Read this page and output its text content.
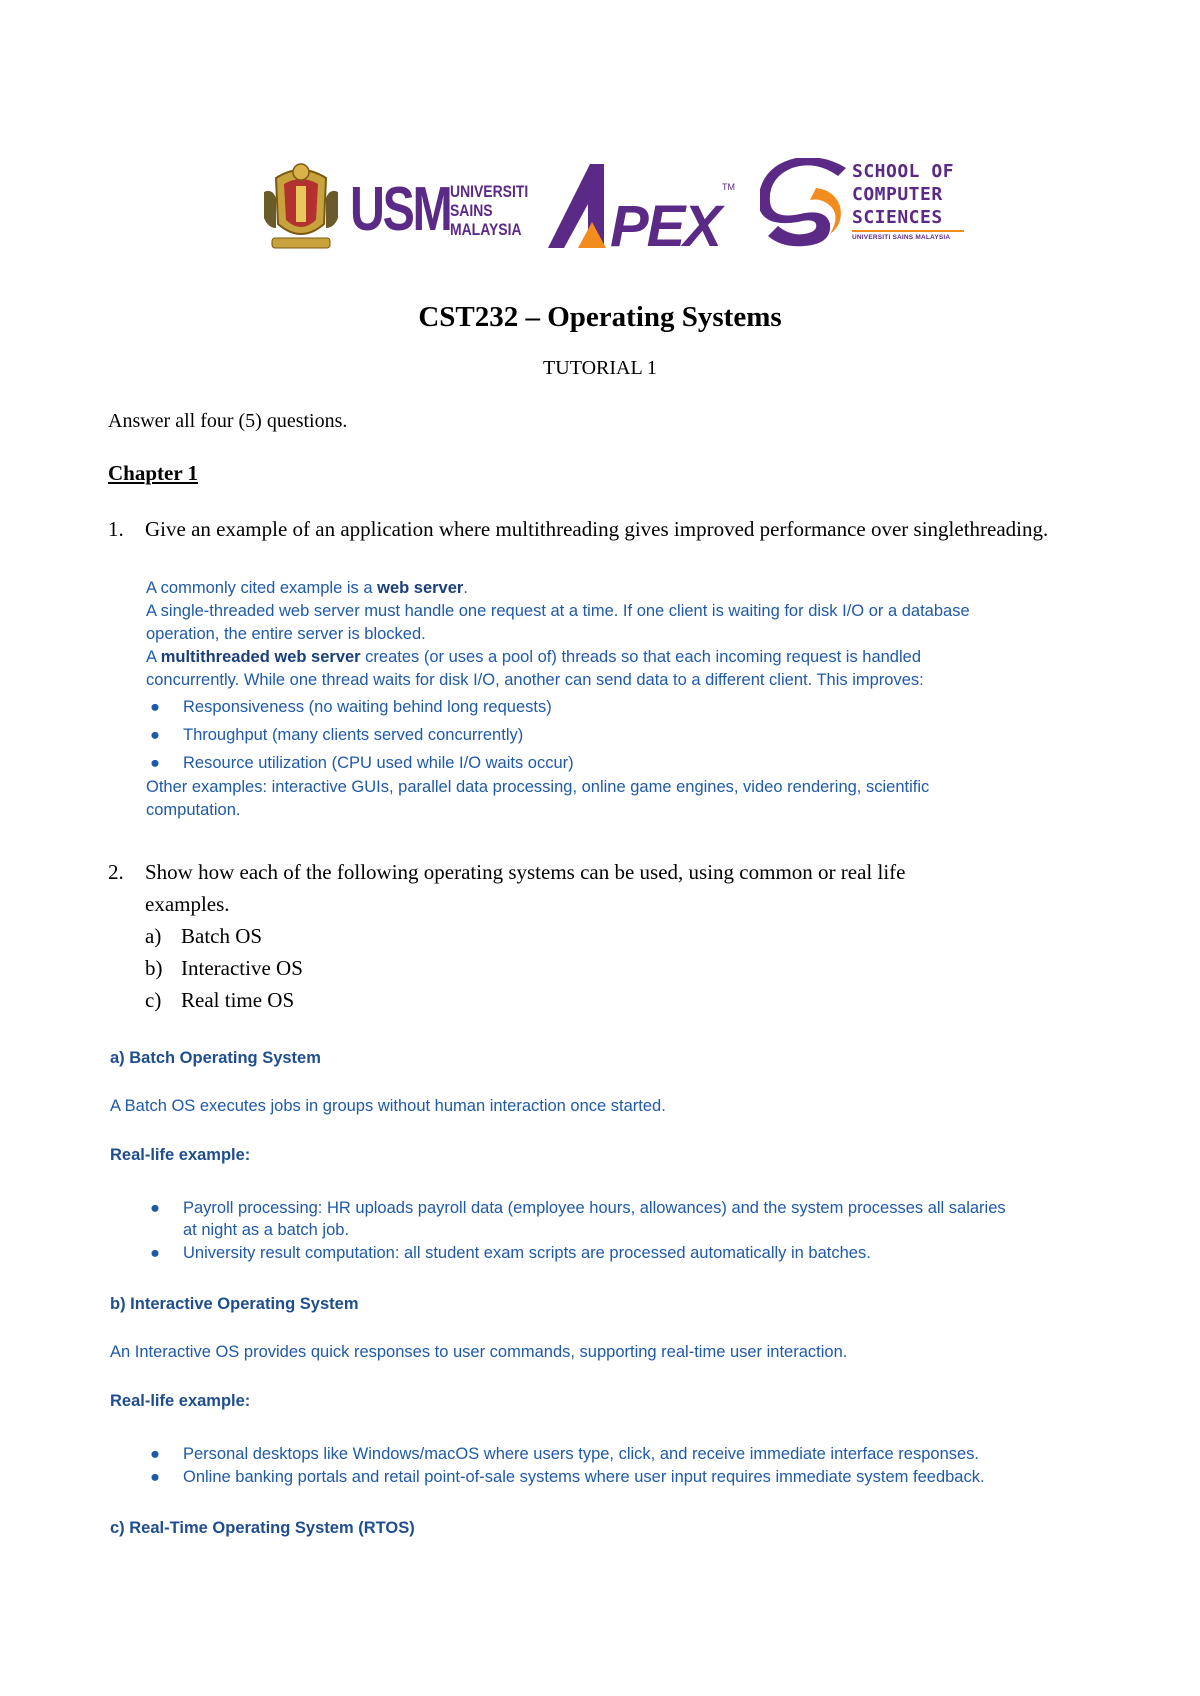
USM UNIVERSITI
SAINS
MALAYSIA PEX
TM
SCHOOL OF
COMPUTER
SCIENCES
UNIVERSITI SAINS MALAYSIA
CST232 – Operating Systems
TUTORIAL 1
Answer all four (5) questions.
Chapter 1
1. Give an example of an application where multithreading gives improved performance over singlethreading.
A commonly cited example is a web server.
A single-threaded web server must handle one request at a time. If one client is waiting for disk I/O or a database
operation, the entire server is blocked.
A multithreaded web server creates (or uses a pool of) threads so that each incoming request is handled
concurrently. While one thread waits for disk I/O, another can send data to a different client. This improves:
● Responsiveness (no waiting behind long requests)
● Throughput (many clients served concurrently)
● Resource utilization (CPU used while I/O waits occur)
Other examples: interactive GUIs, parallel data processing, online game engines, video rendering, scientific
computation.
2. Show how each of the following operating systems can be used, using common or real life
examples.
a) Batch OS
b) Interactive OS
c) Real time OS
a) Batch Operating System
A Batch OS executes jobs in groups without human interaction once started.
Real-life example:
● Payroll processing: HR uploads payroll data (employee hours, allowances) and the system processes all salaries
at night as a batch job.
● University result computation: all student exam scripts are processed automatically in batches.
b) Interactive Operating System
An Interactive OS provides quick responses to user commands, supporting real-time user interaction.
Real-life example:
● Personal desktops like Windows/macOS where users type, click, and receive immediate interface responses.
● Online banking portals and retail point-of-sale systems where user input requires immediate system feedback.
c) Real-Time Operating System (RTOS)
